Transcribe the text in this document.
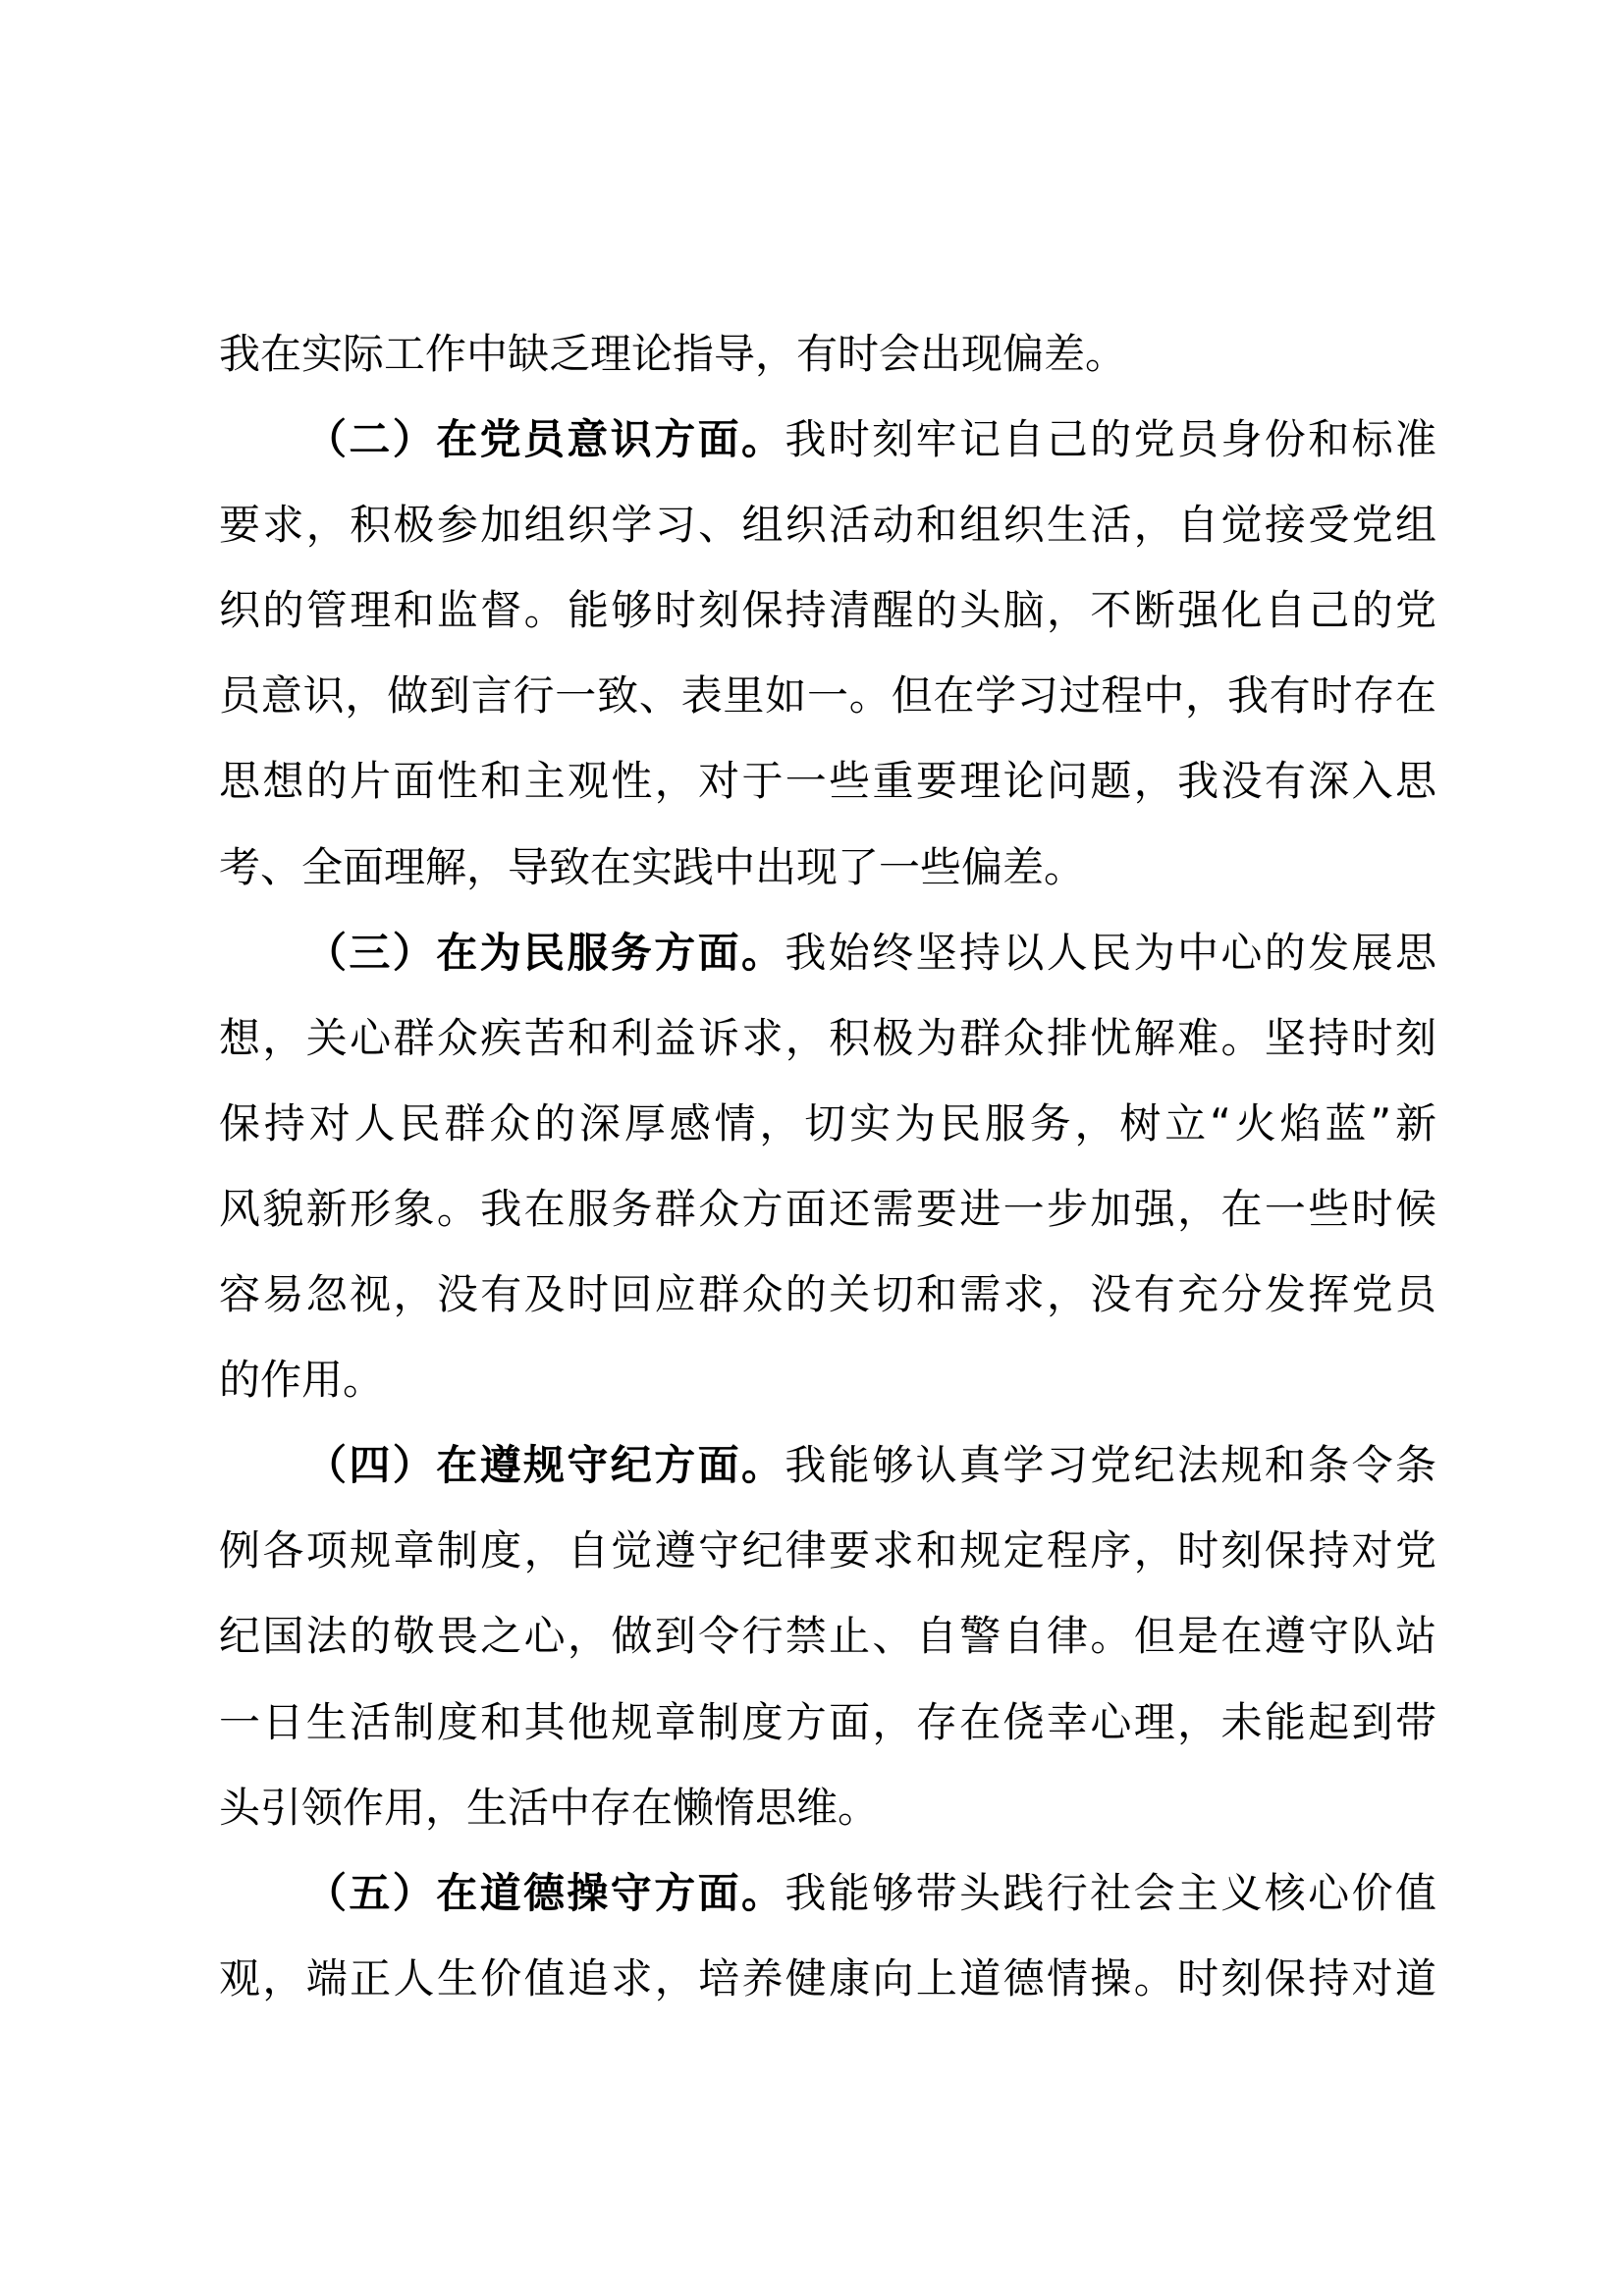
我在实际工作中缺乏理论指导，有时会出现偏差。
（二）在党员意识方面。我时刻牢记自己的党员身份和标准
要求，积极参加组织学习、组织活动和组织生活，自觉接受党组
织的管理和监督。能够时刻保持清醒的头脑，不断强化自己的党
员意识，做到言行一致、表里如一。但在学习过程中，我有时存在
思想的片面性和主观性，对于一些重要理论问题，我没有深入思
考、全面理解，导致在实践中出现了一些偏差。
（三）在为民服务方面。我始终坚持以人民为中心的发展思
想，关心群众疾苦和利益诉求，积极为群众排忧解难。坚持时刻
保持对人民群众的深厚感情，切实为民服务，树立“火焰蓝”新
风貌新形象。我在服务群众方面还需要进一步加强，在一些时候
容易忽视，没有及时回应群众的关切和需求，没有充分发挥党员
的作用。
（四）在遵规守纪方面。我能够认真学习党纪法规和条令条
例各项规章制度，自觉遵守纪律要求和规定程序，时刻保持对党
纪国法的敬畏之心，做到令行禁止、自警自律。但是在遵守队站
一日生活制度和其他规章制度方面，存在侥幸心理，未能起到带
头引领作用，生活中存在懒惰思维。
（五）在道德操守方面。我能够带头践行社会主义核心价值
观，端正人生价值追求，培养健康向上道德情操。时刻保持对道
